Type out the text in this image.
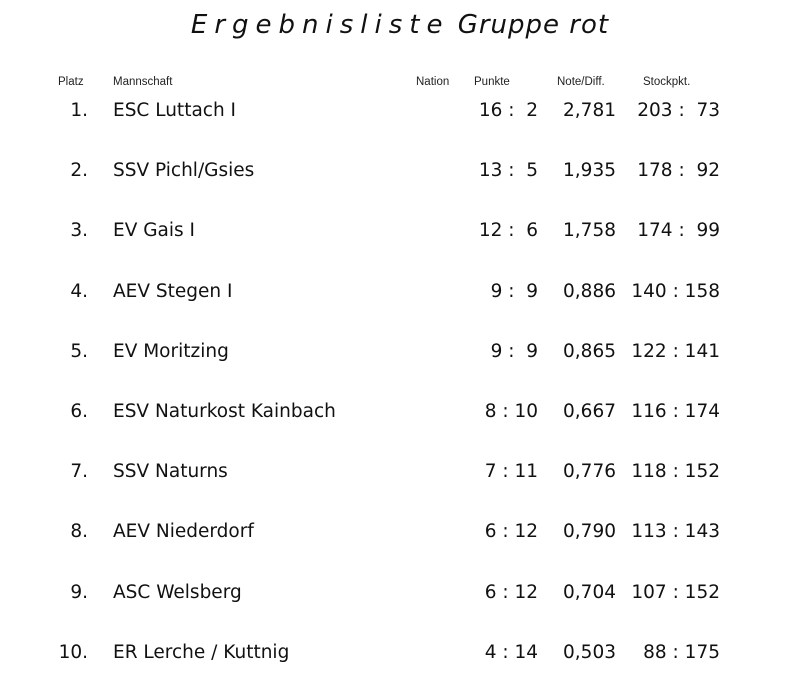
Ergebnisliste Gruppe rot
Platz	Mannschaft	Nation Punkte	Note/Diff.	Stockpkt.
1. ESC Luttach I	16 :  2	2,781	203 :  73
2. SSV Pichl/Gsies	13 :  5	1,935	178 :  92
3. EV Gais I	12 :  6	1,758	174 :  99
4. AEV Stegen I	9 :  9	0,886 140 : 158
5. EV Moritzing	9 :  9	0,865 122 : 141
6. ESV Naturkost Kainbach	8 : 10	0,667 116 : 174
7. SSV Naturns	7 : 11	0,776 118 : 152
8. AEV Niederdorf	6 : 12	0,790 113 : 143
9. ASC Welsberg	6 : 12	0,704 107 : 152
10. ER Lerche / Kuttnig	4 : 14	0,503	88 : 175
